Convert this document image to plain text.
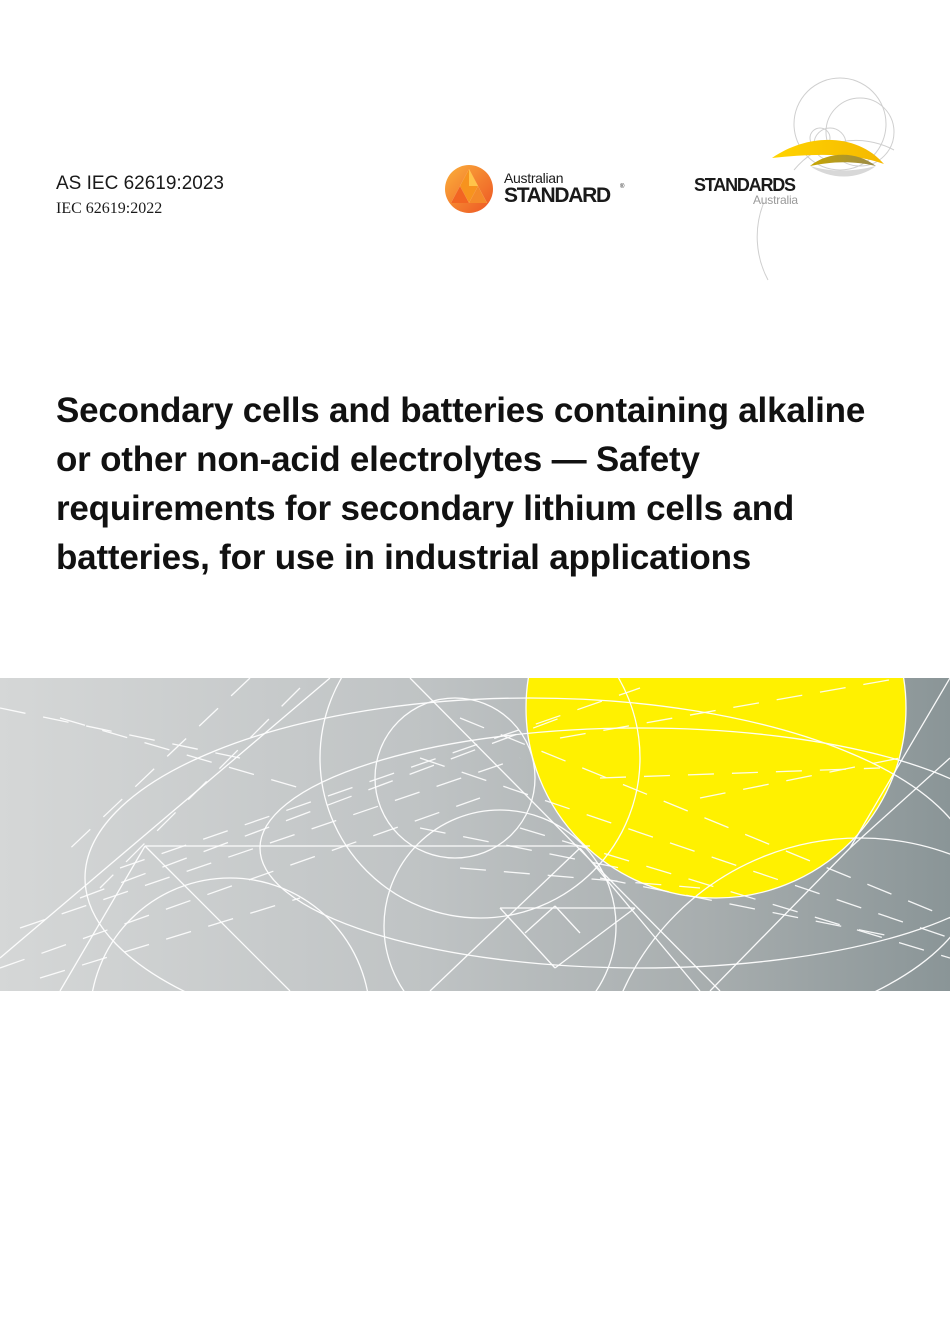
AS IEC 62619:2023
IEC 62619:2022
Australian
STANDARD ®	STANDARDS
Australia
Secondary cells and batteries containing alkaline or other non-acid electrolytes — Safety requirements for secondary lithium cells and batteries, for use in industrial applications
